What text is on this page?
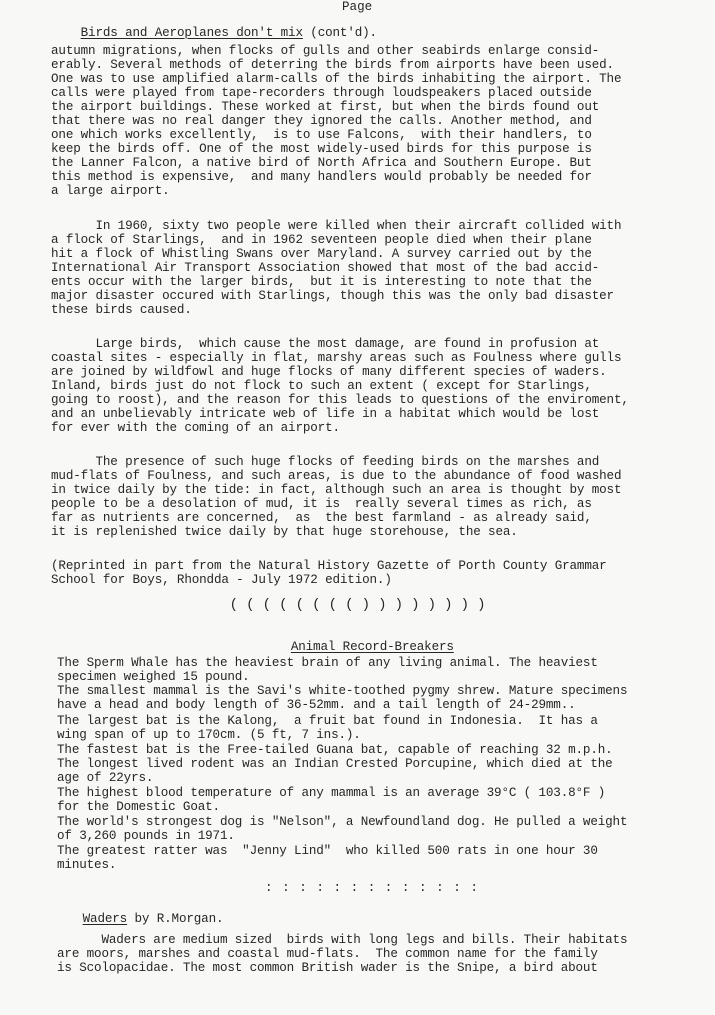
Page

Birds and Aeroplanes don't mix (cont'd).

autumn migrations, when flocks of gulls and other seabirds enlarge consid-
erably. Several methods of deterring the birds from airports have been used.
One was to use amplified alarm-calls of the birds inhabiting the airport. The
calls were played from tape-recorders through loudspeakers placed outside
the airport buildings. These worked at first, but when the birds found out
that there was no real danger they ignored the calls. Another method, and
one which works excellently,  is to use Falcons,  with their handlers, to
keep the birds off. One of the most widely-used birds for this purpose is
the Lanner Falcon, a native bird of North Africa and Southern Europe. But
this method is expensive,  and many handlers would probably be needed for
a large airport.
In 1960, sixty two people were killed when their aircraft collided with
a flock of Starlings,  and in 1962 seventeen people died when their plane
hit a flock of Whistling Swans over Maryland. A survey carried out by the
International Air Transport Association showed that most of the bad accid-
ents occur with the larger birds,  but it is interesting to note that the
major disaster occured with Starlings, though this was the only bad disaster
these birds caused.
Large birds,  which cause the most damage, are found in profusion at
coastal sites - especially in flat, marshy areas such as Foulness where gulls
are joined by wildfowl and huge flocks of many different species of waders.
Inland, birds just do not flock to such an extent ( except for Starlings,
going to roost), and the reason for this leads to questions of the enviroment,
and an unbelievably intricate web of life in a habitat which would be lost
for ever with the coming of an airport.
The presence of such huge flocks of feeding birds on the marshes and
mud-flats of Foulness, and such areas, is due to the abundance of food washed
in twice daily by the tide: in fact, although such an area is thought by most
people to be a desolation of mud, it is  really several times as rich, as
far as nutrients are concerned,  as  the best farmland - as already said,
it is replenished twice daily by that huge storehouse, the sea.
(Reprinted in part from the Natural History Gazette of Porth County Grammar
School for Boys, Rhondda - July 1972 edition.)
( ( ( ( ( ( ( ( ) ) ) ) ) ) ) )

Animal Record-Breakers

The Sperm Whale has the heaviest brain of any living animal. The heaviest
specimen weighed 15 pound.
The smallest mammal is the Savi's white-toothed pygmy shrew. Mature specimens
have a head and body length of 36-52mm. and a tail length of 24-29mm..
The largest bat is the Kalong,  a fruit bat found in Indonesia.  It has a
wing span of up to 170cm. (5 ft, 7 ins.).
The fastest bat is the Free-tailed Guana bat, capable of reaching 32 m.p.h.
The longest lived rodent was an Indian Crested Porcupine, which died at the
age of 22yrs.
The highest blood temperature of any mammal is an average 39°C ( 103.8°F )
for the Domestic Goat.
The world's strongest dog is "Nelson", a Newfoundland dog. He pulled a weight
of 3,260 pounds in 1971.
The greatest ratter was  "Jenny Lind"  who killed 500 rats in one hour 30
minutes.
: : : : : : : : : : : : :

Waders by R.Morgan.

Waders are medium sized  birds with long legs and bills. Their habitats
are moors, marshes and coastal mud-flats.  The common name for the family
is Scolopacidae. The most common British wader is the Snipe, a bird about
